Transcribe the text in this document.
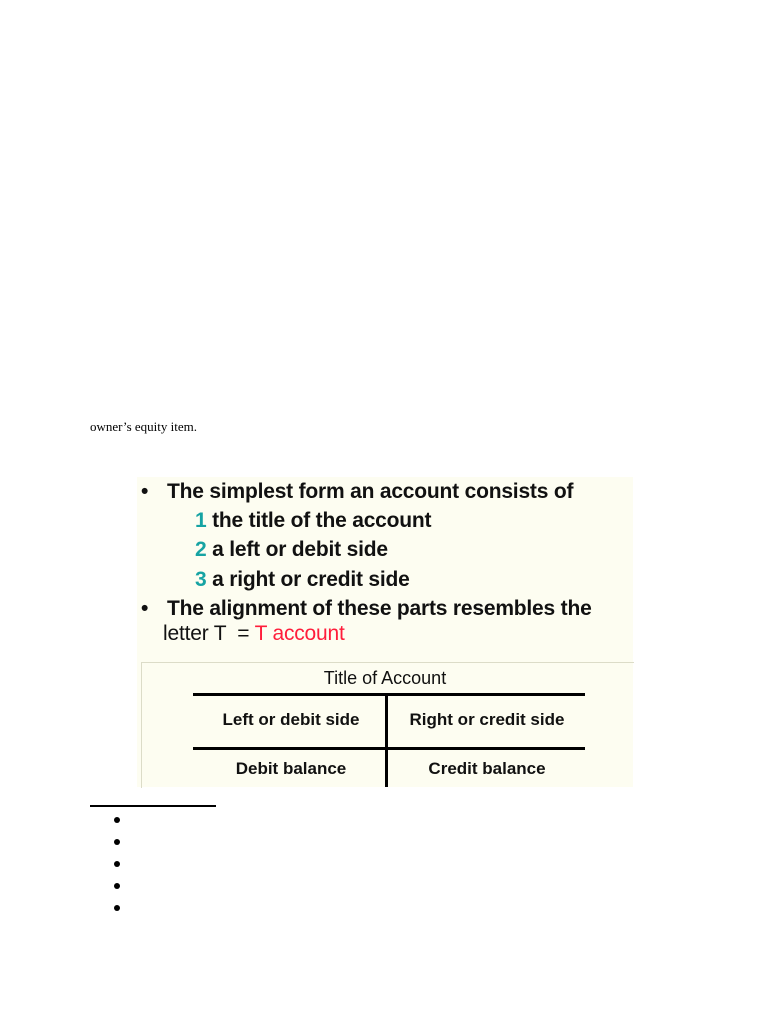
owner’s equity item.
• The simplest form an account consists of
1 the title of the account
2 a left or debit side
3 a right or credit side
• The alignment of these parts resembles the
letter T  = T account
Title of Account
Left or debit side	Right or credit side
Debit balance	Credit balance
